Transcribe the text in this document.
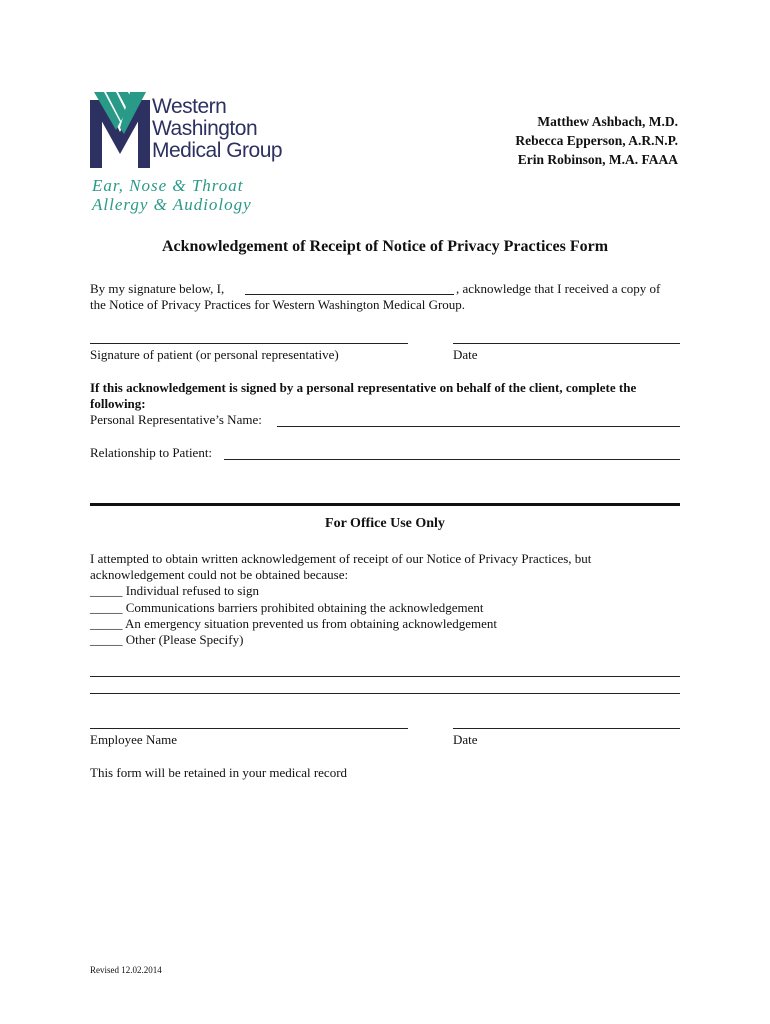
Western
Washington
Medical Group
Ear, Nose & Throat
Allergy & Audiology
Matthew Ashbach, M.D.
Rebecca Epperson, A.R.N.P.
Erin Robinson, M.A. FAAA
Acknowledgement of Receipt of Notice of Privacy Practices Form
By my signature below, I,	, acknowledge that I received a copy of
the Notice of Privacy Practices for Western Washington Medical Group.
Signature of patient (or personal representative)	Date
If this acknowledgement is signed by a personal representative on behalf of the client, complete the
following:
Personal Representative’s Name:
Relationship to Patient:
For Office Use Only
I attempted to obtain written acknowledgement of receipt of our Notice of Privacy Practices, but
acknowledgement could not be obtained because:
_____ Individual refused to sign
_____ Communications barriers prohibited obtaining the acknowledgement
_____ An emergency situation prevented us from obtaining acknowledgement
_____ Other (Please Specify)
Employee Name	Date
This form will be retained in your medical record
Revised 12.02.2014
